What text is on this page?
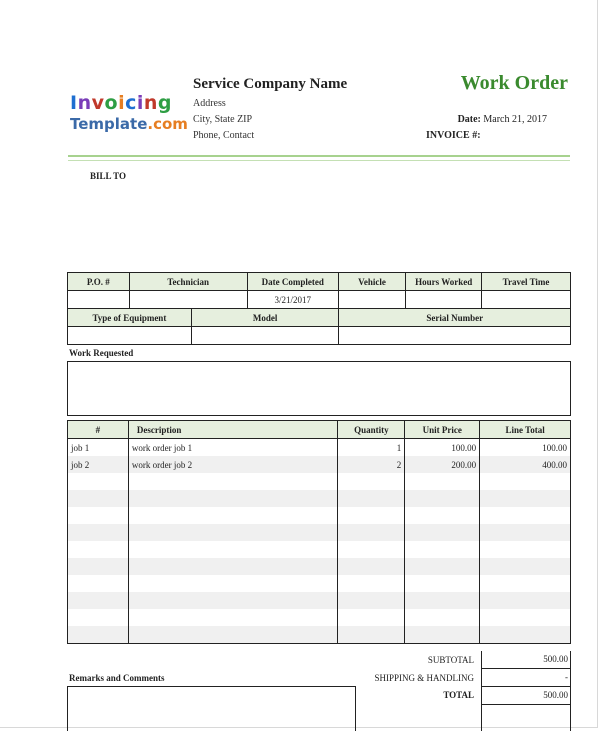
Invoicing
Template.com
Service Company Name
Address
City, State ZIP
Phone, Contact
Work Order
Date: March 21, 2017
INVOICE #:
BILL TO
P.O. #	Technician	Date Completed	Vehicle	Hours Worked	Travel Time
		3/21/2017			
Type of Equipment	Model	Serial Number

Work Requested
#	Description	Quantity	Unit Price	Line Total
job 1	work order job 1	1	100.00	100.00
job 2	work order job 2	2	200.00	400.00

Remarks and Comments
SUBTOTAL	500.00
SHIPPING & HANDLING	-
TOTAL	500.00
